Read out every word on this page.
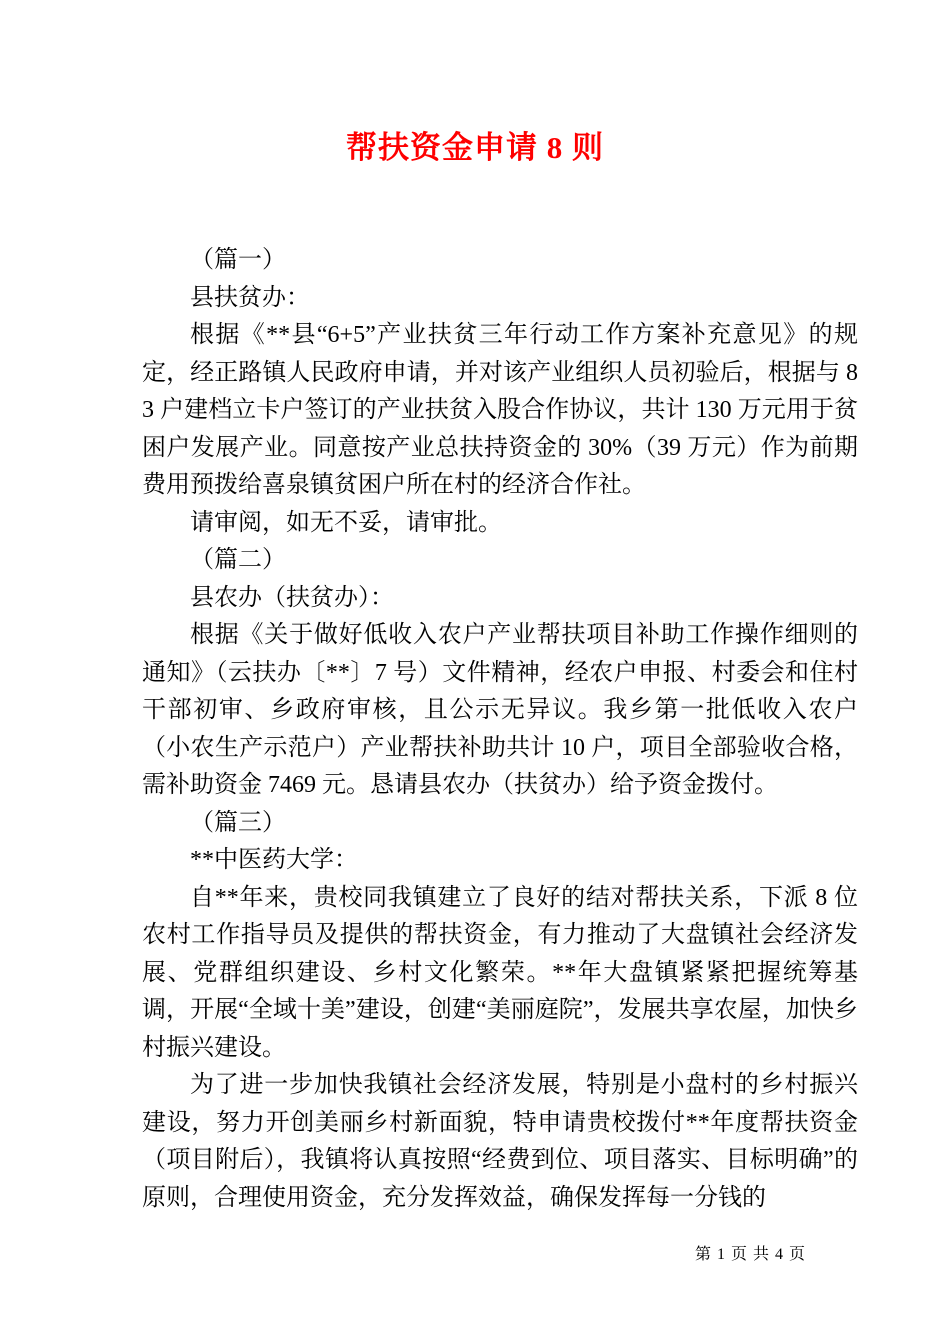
帮扶资金申请 8 则

（篇一）

县扶贫办：

根据《**县“6+5”产业扶贫三年行动工作方案补充意见》的规定，经正路镇人民政府申请，并对该产业组织人员初验后，根据与 83 户建档立卡户签订的产业扶贫入股合作协议，共计 130 万元用于贫困户发展产业。同意按产业总扶持资金的 30%（39 万元）作为前期费用预拨给喜泉镇贫困户所在村的经济合作社。

请审阅，如无不妥，请审批。

（篇二）

县农办（扶贫办）：

根据《关于做好低收入农户产业帮扶项目补助工作操作细则的通知》（云扶办〔**〕7 号）文件精神，经农户申报、村委会和住村干部初审、乡政府审核，且公示无异议。我乡第一批低收入农户（小农生产示范户）产业帮扶补助共计 10 户，项目全部验收合格，需补助资金 7469 元。恳请县农办（扶贫办）给予资金拨付。

（篇三）

**中医药大学：

自**年来，贵校同我镇建立了良好的结对帮扶关系，下派 8 位农村工作指导员及提供的帮扶资金，有力推动了大盘镇社会经济发展、党群组织建设、乡村文化繁荣。**年大盘镇紧紧把握统筹基调，开展“全域十美”建设，创建“美丽庭院”，发展共享农屋，加快乡村振兴建设。

为了进一步加快我镇社会经济发展，特别是小盘村的乡村振兴建设，努力开创美丽乡村新面貌，特申请贵校拨付**年度帮扶资金（项目附后），我镇将认真按照“经费到位、项目落实、目标明确”的原则，合理使用资金，充分发挥效益，确保发挥每一分钱的

第 1 页 共 4 页
